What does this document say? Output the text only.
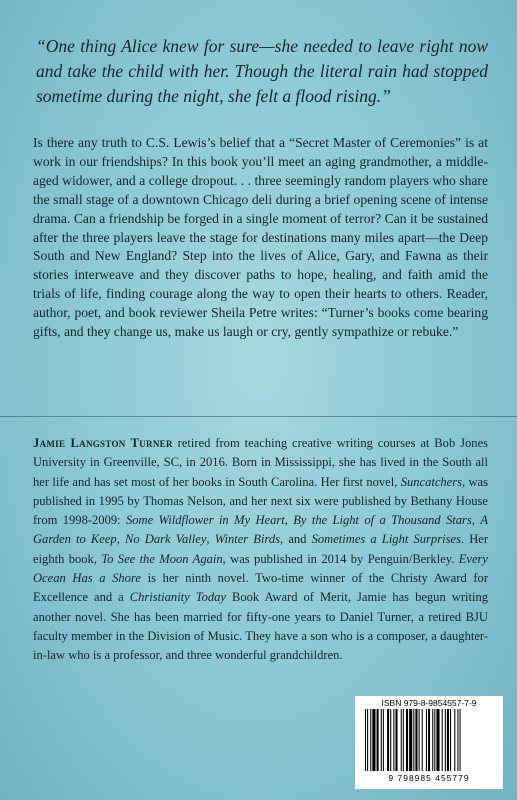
“One thing Alice knew for sure—she needed to leave right now and take the child with her. Though the literal rain had stopped sometime during the night, she felt a flood rising.”

Is there any truth to C.S. Lewis’s belief that a “Secret Master of Ceremonies” is at work in our friendships? In this book you’ll meet an aging grandmother, a middle-aged widower, and a college dropout. . . three seemingly random players who share the small stage of a downtown Chicago deli during a brief opening scene of intense drama. Can a friendship be forged in a single moment of terror? Can it be sustained after the three players leave the stage for destinations many miles apart—the Deep South and New England? Step into the lives of Alice, Gary, and Fawna as their stories interweave and they discover paths to hope, healing, and faith amid the trials of life, finding courage along the way to open their hearts to others. Reader, author, poet, and book reviewer Sheila Petre writes: “Turner’s books come bearing gifts, and they change us, make us laugh or cry, gently sympathize or rebuke.”

Jamie Langston Turner retired from teaching creative writing courses at Bob Jones University in Greenville, SC, in 2016. Born in Mississippi, she has lived in the South all her life and has set most of her books in South Carolina. Her first novel, Suncatchers, was published in 1995 by Thomas Nelson, and her next six were published by Bethany House from 1998-2009: Some Wildflower in My Heart, By the Light of a Thousand Stars, A Garden to Keep, No Dark Valley, Winter Birds, and Sometimes a Light Surprises. Her eighth book, To See the Moon Again, was published in 2014 by Penguin/Berkley. Every Ocean Has a Shore is her ninth novel. Two-time winner of the Christy Award for Excellence and a Christianity Today Book Award of Merit, Jamie has begun writing another novel. She has been married for fifty-one years to Daniel Turner, a retired BJU faculty member in the Division of Music. They have a son who is a composer, a daughter-in-law who is a professor, and three wonderful grandchildren.

ISBN 979-8-9854557-7-9
9 798985 455779
